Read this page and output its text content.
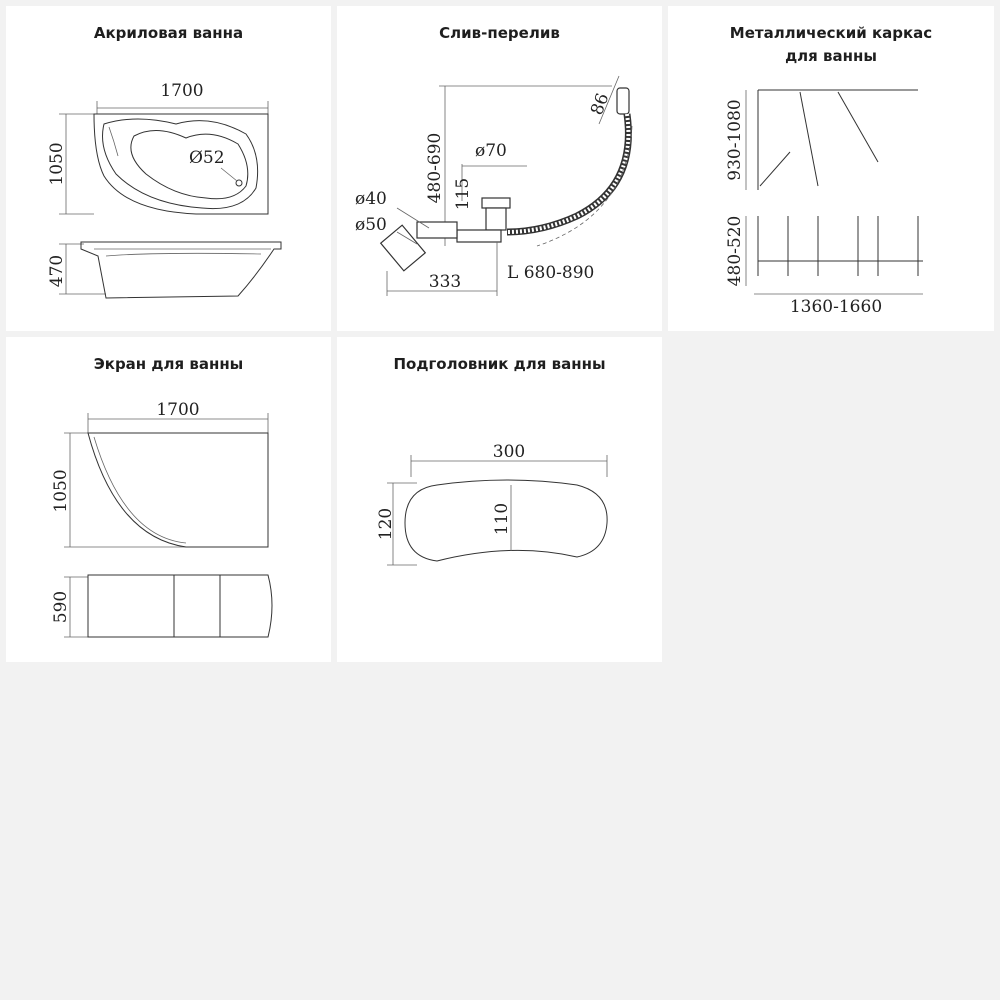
Акриловая ванна
1700
1050	Ø52
470
Слив-перелив
480-690
86
ø70
115
ø40
ø50
333	L 680-890
Металлический каркас
для ванны
930-1080
480-520
1360-1660
Экран для ванны
1700
1050
590
Подголовник для ванны
300
120	110
